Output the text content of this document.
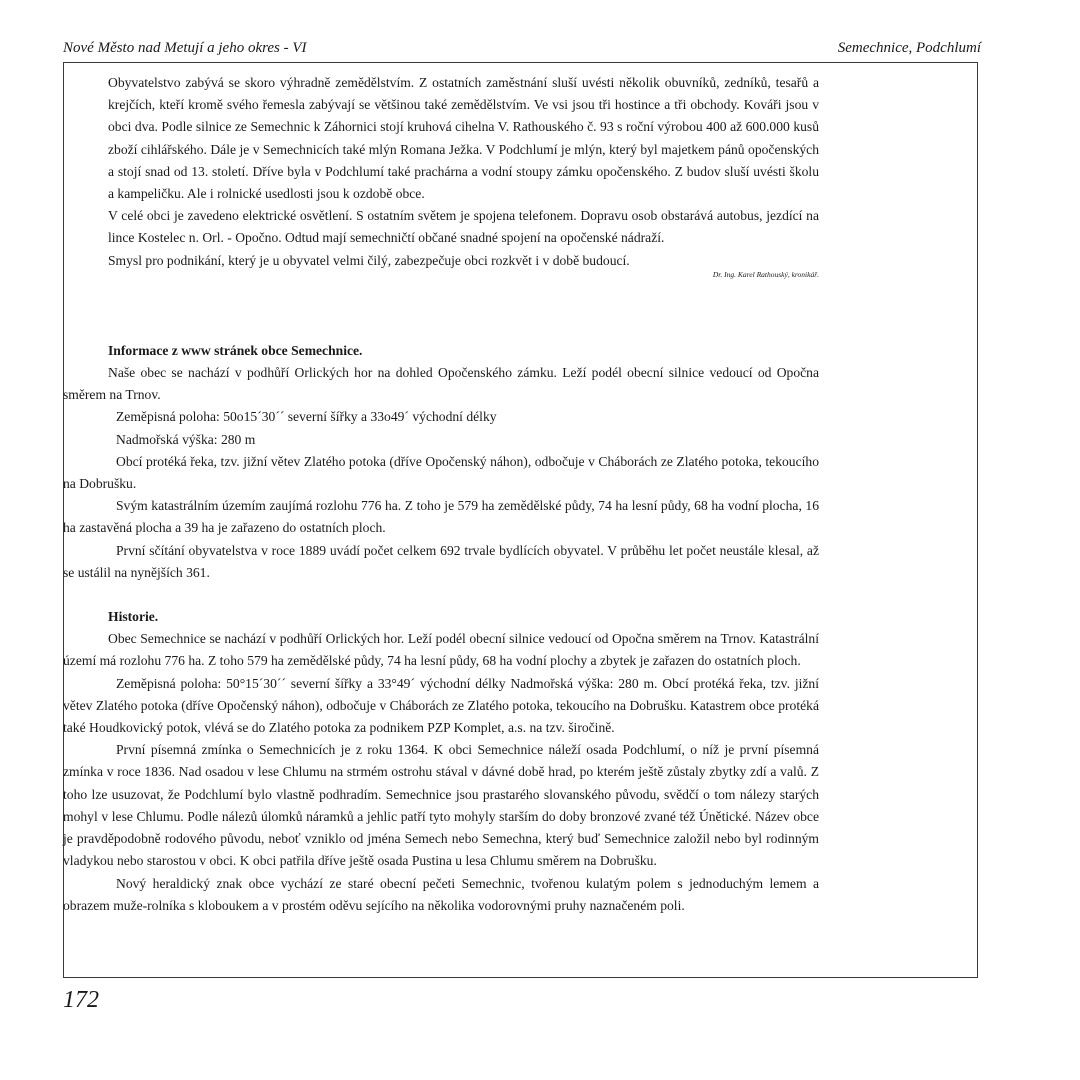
Nové Město nad Metují a jeho okres - VI	Semechnice, Podchlumí

Obyvatelstvo zabývá se skoro výhradně zemědělstvím. Z ostatních zaměstnání sluší uvésti několik obuvníků, zedníků, tesařů a krejčích, kteří kromě svého řemesla zabývají se většinou také zemědělstvím. Ve vsi jsou tři hostince a tři obchody. Kováři jsou v obci dva. Podle silnice ze Semechnic k Záhornici stojí kruhová cihelna V. Rathouského č. 93 s roční výrobou 400 až 600.000 kusů zboží cihlářského. Dále je v Semechnicích také mlýn Romana Ježka. V Podchlumí je mlýn, který byl majetkem pánů opočenských a stojí snad od 13. století. Dříve byla v Podchlumí také prachárna a vodní stoupy zámku opočenského. Z budov sluší uvésti školu a kampeličku. Ale i rolnické usedlosti jsou k ozdobě obce.

V celé obci je zavedeno elektrické osvětlení. S ostatním světem je spojena telefonem. Dopravu osob obstarává autobus, jezdící na lince Kostelec n. Orl. - Opočno. Odtud mají semechničtí občané snadné spojení na opočenské nádraží.

Smysl pro podnikání, který je u obyvatel velmi čilý, zabezpečuje obci rozkvět i v době budoucí.

Dr. Ing. Karel Rathouský, kronikář.

Informace z www stránek obce Semechnice.

Naše obec se nachází v podhůří Orlických hor na dohled Opočenského zámku. Leží podél obecní silnice vedoucí od Opočna směrem na Trnov.

Zeměpisná poloha: 50o15´30´´ severní šířky a 33o49´ východní délky

Nadmořská výška: 280 m

Obcí protéká řeka, tzv. jižní větev Zlatého potoka (dříve Opočenský náhon), odbočuje v Cháborách ze Zlatého potoka, tekoucího na Dobrušku.

Svým katastrálním územím zaujímá rozlohu 776 ha. Z toho je 579 ha zemědělské půdy, 74 ha lesní půdy, 68 ha vodní plocha, 16 ha zastavěná plocha a 39 ha je zařazeno do ostatních ploch.

První sčítání obyvatelstva v roce 1889 uvádí počet celkem 692 trvale bydlících obyvatel. V průběhu let počet neustále klesal, až se ustálil na nynějších 361.

Historie.

Obec Semechnice se nachází v podhůří Orlických hor. Leží podél obecní silnice vedoucí od Opočna směrem na Trnov. Katastrální území má rozlohu 776 ha. Z toho 579 ha zemědělské půdy, 74 ha lesní půdy, 68 ha vodní plochy a zbytek je zařazen do ostatních ploch.

Zeměpisná poloha: 50°15´30´´ severní šířky a 33°49´ východní délky Nadmořská výška: 280 m. Obcí protéká řeka, tzv. jižní větev Zlatého potoka (dříve Opočenský náhon), odbočuje v Cháborách ze Zlatého potoka, tekoucího na Dobrušku. Katastrem obce protéká také Houdkovický potok, vlévá se do Zlatého potoka za podnikem PZP Komplet, a.s. na tzv. širočině.

První písemná zmínka o Semechnicích je z roku 1364. K obci Semechnice náleží osada Podchlumí, o níž je první písemná zmínka v roce 1836. Nad osadou v lese Chlumu na strmém ostrohu stával v dávné době hrad, po kterém ještě zůstaly zbytky zdí a valů. Z toho lze usuzovat, že Podchlumí bylo vlastně podhradím. Semechnice jsou prastarého slovanského původu, svědčí o tom nálezy starých mohyl v lese Chlumu. Podle nálezů úlomků náramků a jehlic patří tyto mohyly starším do doby bronzové zvané též Únětické. Název obce je pravděpodobně rodového původu, neboť vzniklo od jména Semech nebo Semechna, který buď Semechnice založil nebo byl rodinným vladykou nebo starostou v obci. K obci patřila dříve ještě osada Pustina u lesa Chlumu směrem na Dobrušku.

Nový heraldický znak obce vychází ze staré obecní pečeti Semechnic, tvořenou kulatým polem s jednoduchým lemem a obrazem muže-rolníka s kloboukem a v prostém oděvu sejícího na několika vodorovnými pruhy naznačeném poli.

172
